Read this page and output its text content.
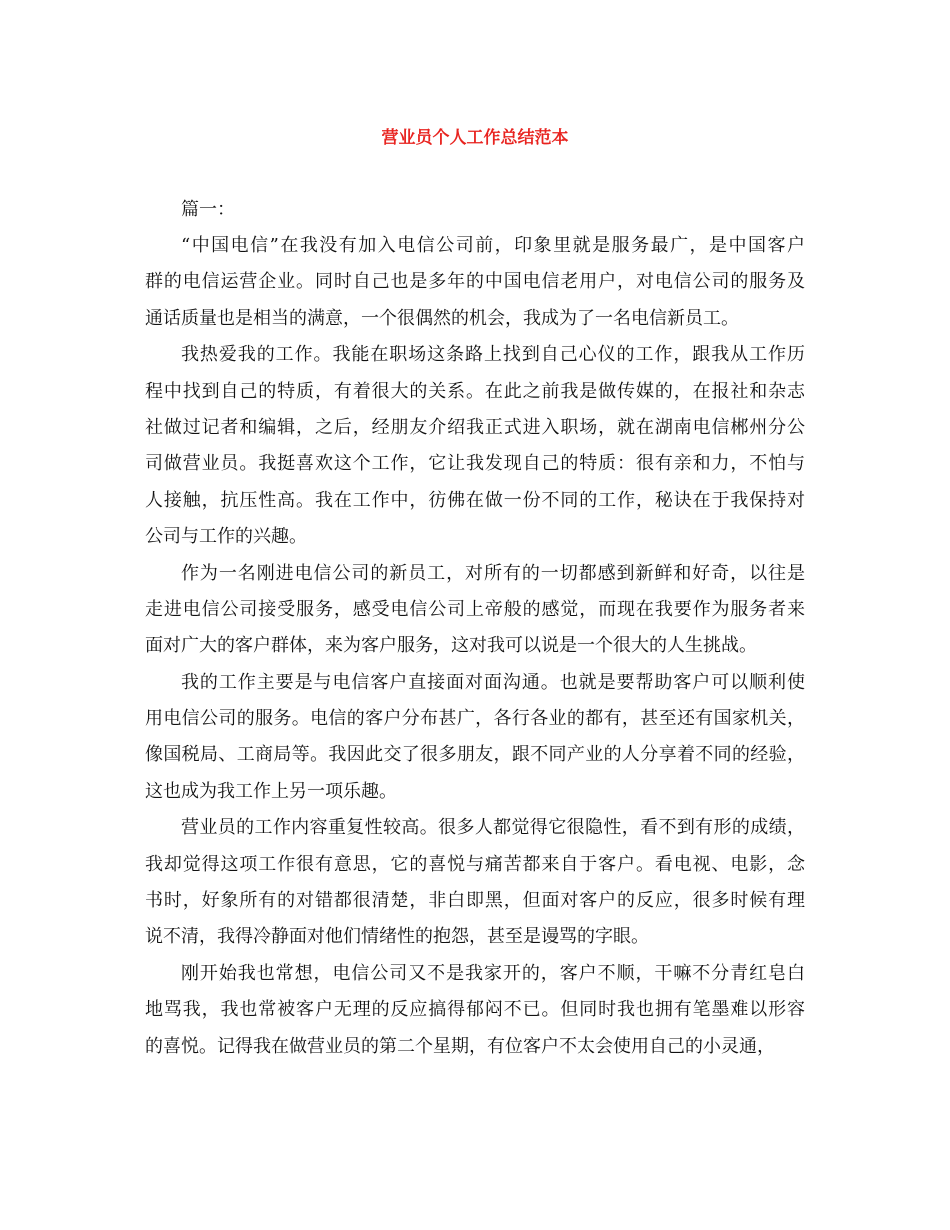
营业员个人工作总结范本
篇一：
“中国电信”在我没有加入电信公司前，印象里就是服务最广，是中国客户
群的电信运营企业。同时自己也是多年的中国电信老用户，对电信公司的服务及
通话质量也是相当的满意，一个很偶然的机会，我成为了一名电信新员工。
我热爱我的工作。我能在职场这条路上找到自己心仪的工作，跟我从工作历
程中找到自己的特质，有着很大的关系。在此之前我是做传媒的，在报社和杂志
社做过记者和编辑，之后，经朋友介绍我正式进入职场，就在湖南电信郴州分公
司做营业员。我挺喜欢这个工作，它让我发现自己的特质：很有亲和力，不怕与
人接触，抗压性高。我在工作中，彷佛在做一份不同的工作，秘诀在于我保持对
公司与工作的兴趣。
作为一名刚进电信公司的新员工，对所有的一切都感到新鲜和好奇，以往是
走进电信公司接受服务，感受电信公司上帝般的感觉，而现在我要作为服务者来
面对广大的客户群体，来为客户服务，这对我可以说是一个很大的人生挑战。
我的工作主要是与电信客户直接面对面沟通。也就是要帮助客户可以顺利使
用电信公司的服务。电信的客户分布甚广，各行各业的都有，甚至还有国家机关，
像国税局、工商局等。我因此交了很多朋友，跟不同产业的人分享着不同的经验，
这也成为我工作上另一项乐趣。
营业员的工作内容重复性较高。很多人都觉得它很隐性，看不到有形的成绩，
我却觉得这项工作很有意思，它的喜悦与痛苦都来自于客户。看电视、电影，念
书时，好象所有的对错都很清楚，非白即黑，但面对客户的反应，很多时候有理
说不清，我得冷静面对他们情绪性的抱怨，甚至是谩骂的字眼。
刚开始我也常想，电信公司又不是我家开的，客户不顺，干嘛不分青红皂白
地骂我，我也常被客户无理的反应搞得郁闷不已。但同时我也拥有笔墨难以形容
的喜悦。记得我在做营业员的第二个星期，有位客户不太会使用自己的小灵通，
